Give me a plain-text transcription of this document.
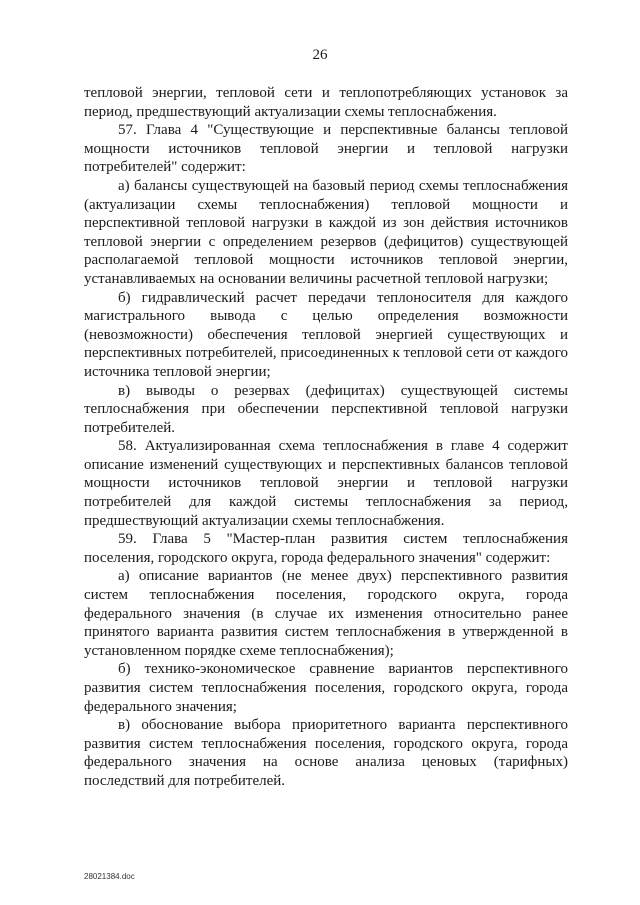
26

тепловой энергии, тепловой сети и теплопотребляющих установок за период, предшествующий актуализации схемы теплоснабжения.

57. Глава 4 "Существующие и перспективные балансы тепловой мощности источников тепловой энергии и тепловой нагрузки потребителей" содержит:

а) балансы существующей на базовый период схемы теплоснабжения (актуализации схемы теплоснабжения) тепловой мощности и перспективной тепловой нагрузки в каждой из зон действия источников тепловой энергии с определением резервов (дефицитов) существующей располагаемой тепловой мощности источников тепловой энергии, устанавливаемых на основании величины расчетной тепловой нагрузки;

б) гидравлический расчет передачи теплоносителя для каждого магистрального вывода с целью определения возможности (невозможности) обеспечения тепловой энергией существующих и перспективных потребителей, присоединенных к тепловой сети от каждого источника тепловой энергии;

в) выводы о резервах (дефицитах) существующей системы теплоснабжения при обеспечении перспективной тепловой нагрузки потребителей.

58. Актуализированная схема теплоснабжения в главе 4 содержит описание изменений существующих и перспективных балансов тепловой мощности источников тепловой энергии и тепловой нагрузки потребителей для каждой системы теплоснабжения за период, предшествующий актуализации схемы теплоснабжения.

59. Глава 5 "Мастер-план развития систем теплоснабжения поселения, городского округа, города федерального значения" содержит:

а) описание вариантов (не менее двух) перспективного развития систем теплоснабжения поселения, городского округа, города федерального значения (в случае их изменения относительно ранее принятого варианта развития систем теплоснабжения в утвержденной в установленном порядке схеме теплоснабжения);

б) технико-экономическое сравнение вариантов перспективного развития систем теплоснабжения поселения, городского округа, города федерального значения;

в) обоснование выбора приоритетного варианта перспективного развития систем теплоснабжения поселения, городского округа, города федерального значения на основе анализа ценовых (тарифных) последствий для потребителей.

28021384.doc
